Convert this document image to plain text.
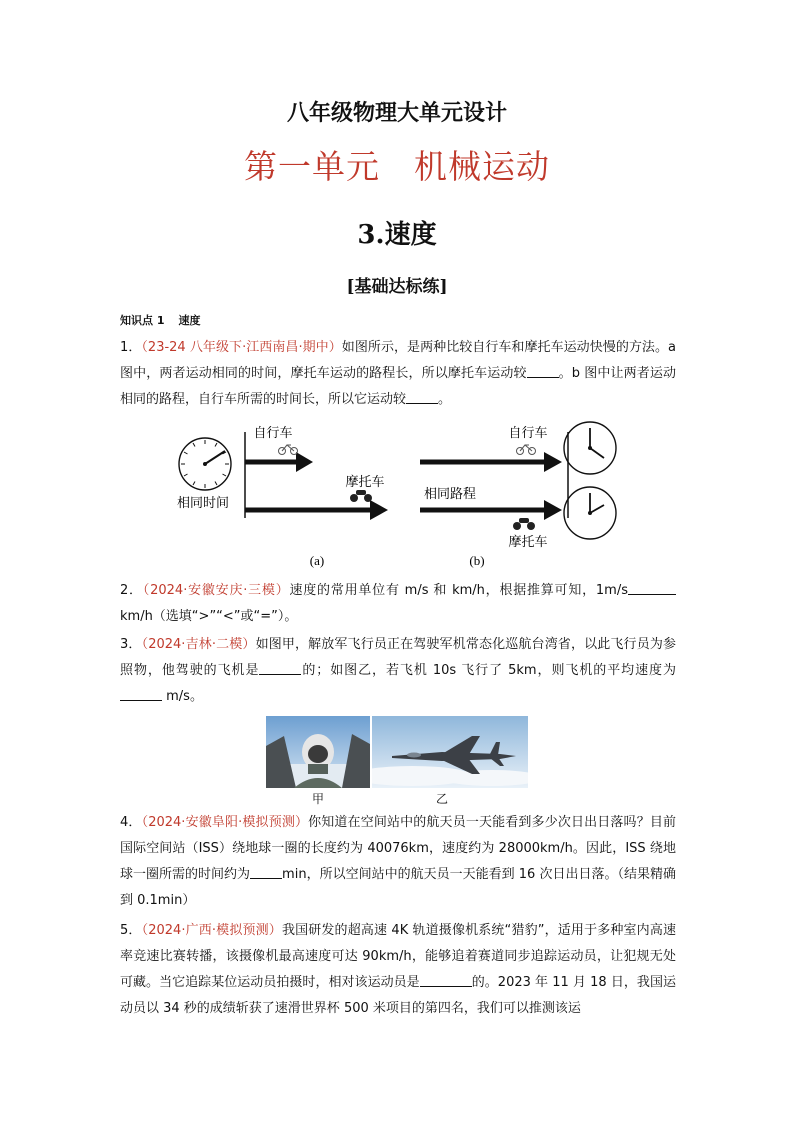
八年级物理大单元设计
第一单元　机械运动
3.速度
[基础达标练]
知识点 1 速度
1．（23-24 八年级下·江西南昌·期中）如图所示，是两种比较自行车和摩托车运动快慢的方法。a 图中，两者运动相同的时间，摩托车运动的路程长，所以摩托车运动较 。b 图中让两者运动相同的路程，自行车所需的时间长，所以它运动较 。
自行车
摩托车
相同时间
(a)
自行车
相同路程
摩托车
(b)
2．（2024·安徽安庆·三模）速度的常用单位有 m/s 和 km/h，根据推算可知，1m/skm/h（选填“>”“<”或“=”）。
3．（2024·吉林·二模）如图甲，解放军飞行员正在驾驶军机常态化巡航台湾省，以此飞行员为参照物，他驾驶的飞机是	的；如图乙，若飞机 10s 飞行了 5km，则飞机的平均速度为 m/s。
甲	乙
4．（2024·安徽阜阳·模拟预测）你知道在空间站中的航天员一天能看到多少次日出日落吗？目前国际空间站（ISS）绕地球一圈的长度约为 40076km，速度约为 28000km/h。因此，ISS 绕地球一圈所需的时间约为 min，所以空间站中的航天员一天能看到 16 次日出日落。（结果精确到 0.1min）
5．（2024·广西·模拟预测）我国研发的超高速 4K 轨道摄像机系统“猎豹”，适用于多种室内高速率竞速比赛转播，该摄像机最高速度可达 90km/h，能够追着赛道同步追踪运动员，让犯规无处可藏。当它追踪某位运动员拍摄时，相对该运动员是	的。2023 年 11 月 18 日，我国运动员以 34 秒的成绩斩获了速滑世界杯 500 米项目的第四名，我们可以推测该运
